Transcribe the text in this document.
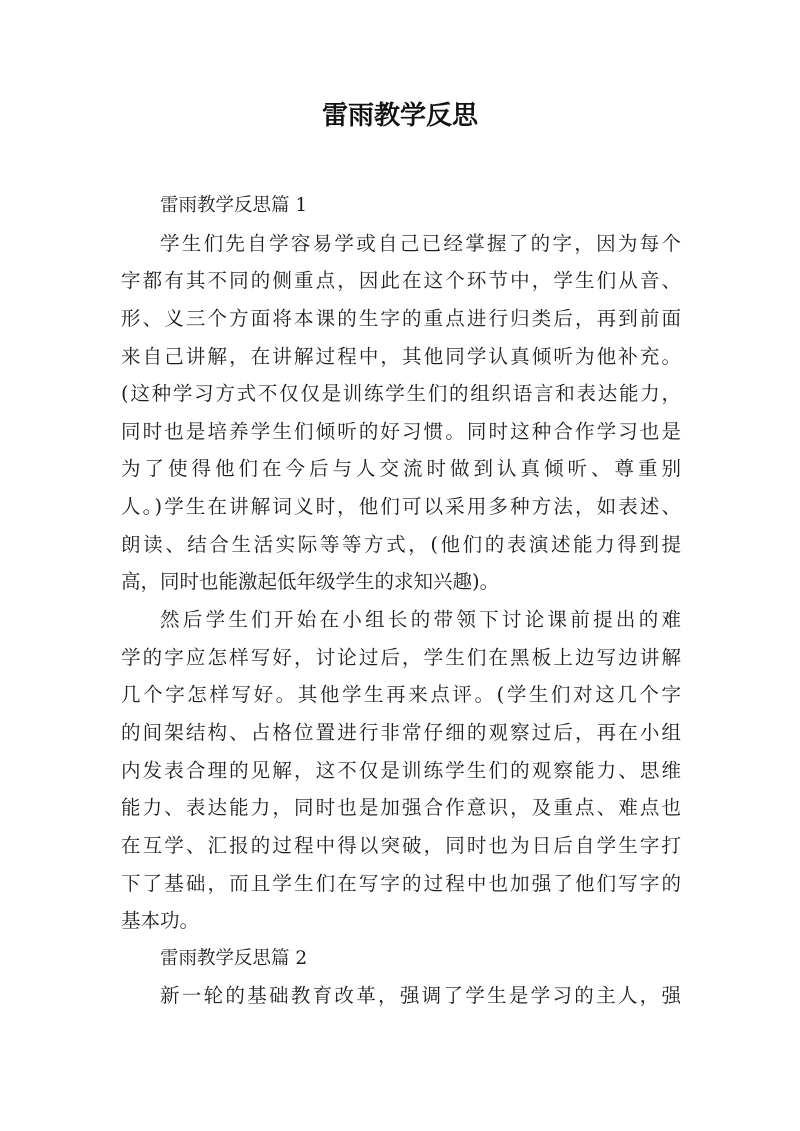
雷雨教学反思
雷雨教学反思篇 1
学生们先自学容易学或自己已经掌握了的字，因为每个
字都有其不同的侧重点，因此在这个环节中，学生们从音、
形、义三个方面将本课的生字的重点进行归类后，再到前面
来自己讲解，在讲解过程中，其他同学认真倾听为他补充。
(这种学习方式不仅仅是训练学生们的组织语言和表达能力，
同时也是培养学生们倾听的好习惯。同时这种合作学习也是
为了使得他们在今后与人交流时做到认真倾听、尊重别
人。)学生在讲解词义时，他们可以采用多种方法，如表述、
朗读、结合生活实际等等方式，(他们的表演述能力得到提
高，同时也能激起低年级学生的求知兴趣)。
然后学生们开始在小组长的带领下讨论课前提出的难
学的字应怎样写好，讨论过后，学生们在黑板上边写边讲解
几个字怎样写好。其他学生再来点评。(学生们对这几个字
的间架结构、占格位置进行非常仔细的观察过后，再在小组
内发表合理的见解，这不仅是训练学生们的观察能力、思维
能力、表达能力，同时也是加强合作意识，及重点、难点也
在互学、汇报的过程中得以突破，同时也为日后自学生字打
下了基础，而且学生们在写字的过程中也加强了他们写字的
基本功。
雷雨教学反思篇 2
新一轮的基础教育改革，强调了学生是学习的主人，强
